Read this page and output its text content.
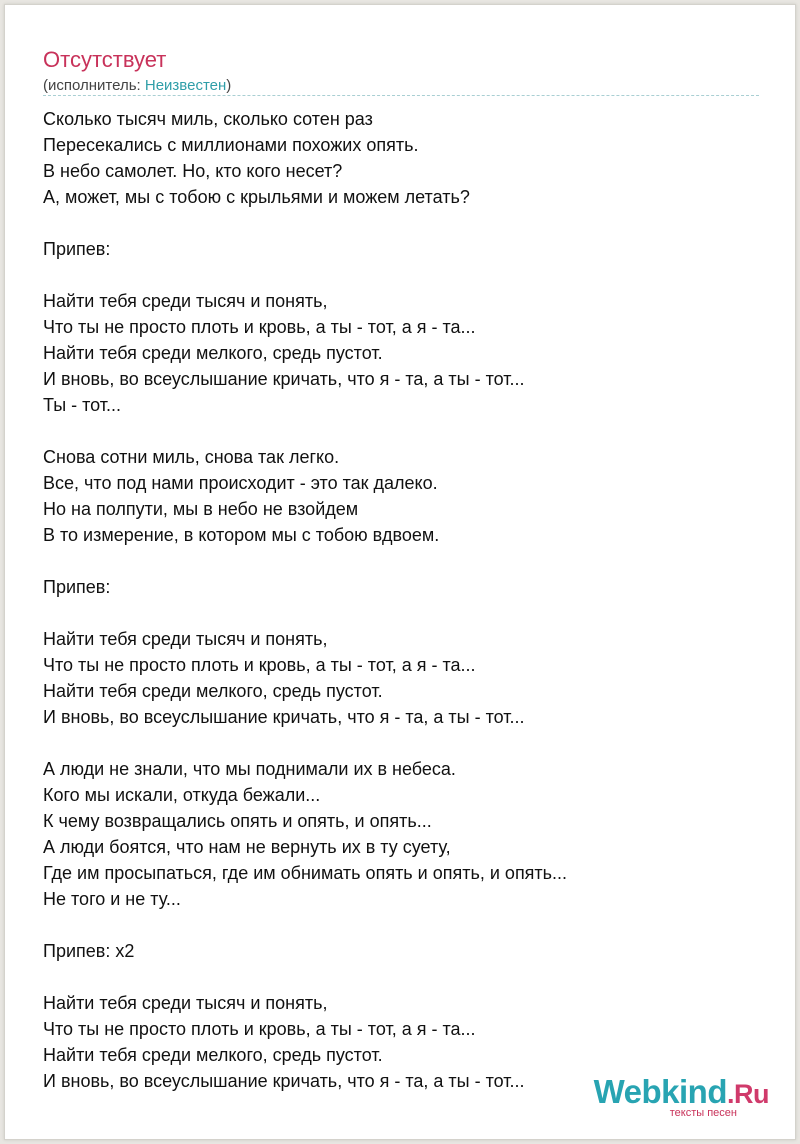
Отсутствует
(исполнитель: Неизвестен)
Сколько тысяч миль, сколько сотен раз
Пересекались с миллионами похожих опять.
В небо самолет. Но, кто кого несет?
А, может, мы с тобою с крыльями и можем летать?
Припев:
Найти тебя среди тысяч и понять,
Что ты не просто плоть и кровь, а ты - тот, а я - та...
Найти тебя среди мелкого, средь пустот.
И вновь, во всеуслышание кричать, что я - та, а ты - тот...
Ты - тот...
Снова сотни миль, снова так легко.
Все, что под нами происходит - это так далеко.
Но на полпути, мы в небо не взойдем
В то измерение, в котором мы с тобою вдвоем.
Припев:
Найти тебя среди тысяч и понять,
Что ты не просто плоть и кровь, а ты - тот, а я - та...
Найти тебя среди мелкого, средь пустот.
И вновь, во всеуслышание кричать, что я - та, а ты - тот...
А люди не знали, что мы поднимали их в небеса.
Кого мы искали, откуда бежали...
К чему возвращались опять и опять, и опять...
А люди боятся, что нам не вернуть их в ту суету,
Где им просыпаться, где им обнимать опять и опять, и опять...
Не того и не ту...
Припев: x2
Найти тебя среди тысяч и понять,
Что ты не просто плоть и кровь, а ты - тот, а я - та...
Найти тебя среди мелкого, средь пустот.
И вновь, во всеуслышание кричать, что я - та, а ты - тот...	Webkind.Ru
тексты песен
